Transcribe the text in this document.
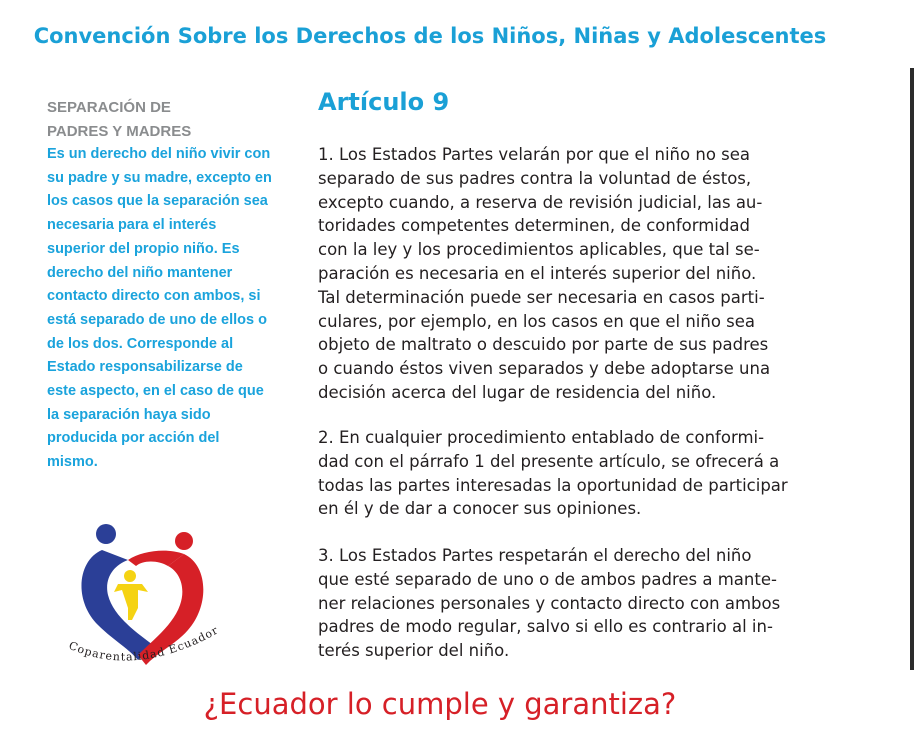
Convención Sobre los Derechos de los Niños, Niñas y Adolescentes
SEPARACIÓN DE
PADRES Y MADRES
Es un derecho del niño vivir con su padre y su madre, excepto en los casos que la separación sea necesaria para el interés superior del propio niño. Es derecho del niño mantener contacto directo con ambos, si está separado de uno de ellos o de los dos. Corresponde al Estado responsabilizarse de este aspecto, en el caso de que la separación haya sido producida por acción del mismo.
Artículo 9
1. Los Estados Partes velarán por que el niño no sea
separado de sus padres contra la voluntad de éstos,
excepto cuando, a reserva de revisión judicial, las au-
toridades competentes determinen, de conformidad
con la ley y los procedimientos aplicables, que tal se-
paración es necesaria en el interés superior del niño.
Tal determinación puede ser necesaria en casos parti-
culares, por ejemplo, en los casos en que el niño sea
objeto de maltrato o descuido por parte de sus padres
o cuando éstos viven separados y debe adoptarse una
decisión acerca del lugar de residencia del niño.
2. En cualquier procedimiento entablado de conformi-
dad con el párrafo 1 del presente artículo, se ofrecerá a
todas las partes interesadas la oportunidad de participar
en él y de dar a conocer sus opiniones.
3. Los Estados Partes respetarán el derecho del niño
que esté separado de uno o de ambos padres a mante-
ner relaciones personales y contacto directo con ambos
padres de modo regular, salvo si ello es contrario al in-
terés superior del niño.
Coparentalidad Ecuador
¿Ecuador lo cumple y garantiza?
